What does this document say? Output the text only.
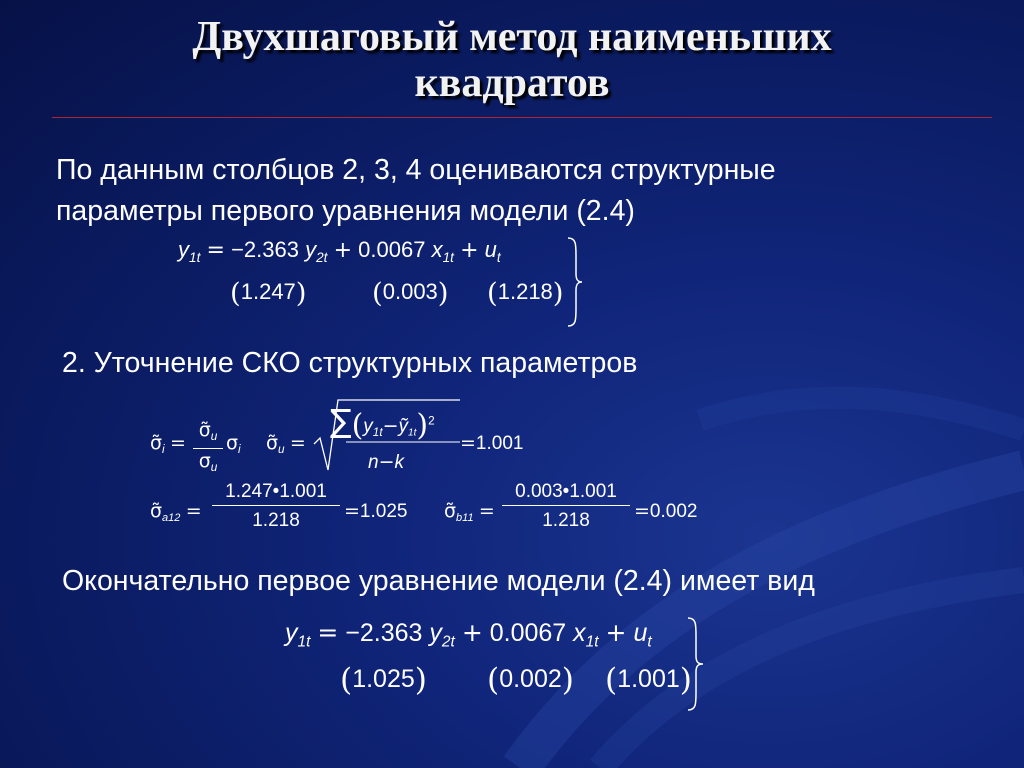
Двухшаговый метод наименьших
квадратов
По данным столбцов 2, 3, 4 оцениваются структурные
параметры первого уравнения модели (2.4)
$y_{1t} = -2.363$ $y_{2t} + 0.0067$ $x_{1t} + u_t$
(1.247) (0.003) (1.218)
2. Уточнение СКО структурных параметров
$\sigmã_i$ =
$\sigmã_u$
$\sigma_u$
$\sigma_i$ $\sigmã_u$ =
$\sum(y_{1t}-ỹ_{1t})^2$
n−k
=1.001
$\sigmã_{a12}$ =
1.247•1.001
1.218	=1.025 $\sigmã_{b11}$ =
0.003•1.001
1.218	=0.002
Окончательно первое уравнение модели (2.4) имеет вид
$y_{1t} = -2.363$ $y_{2t} + 0.0067$ $x_{1t} + u_t$
(1.025) (0.002) (1.001)
